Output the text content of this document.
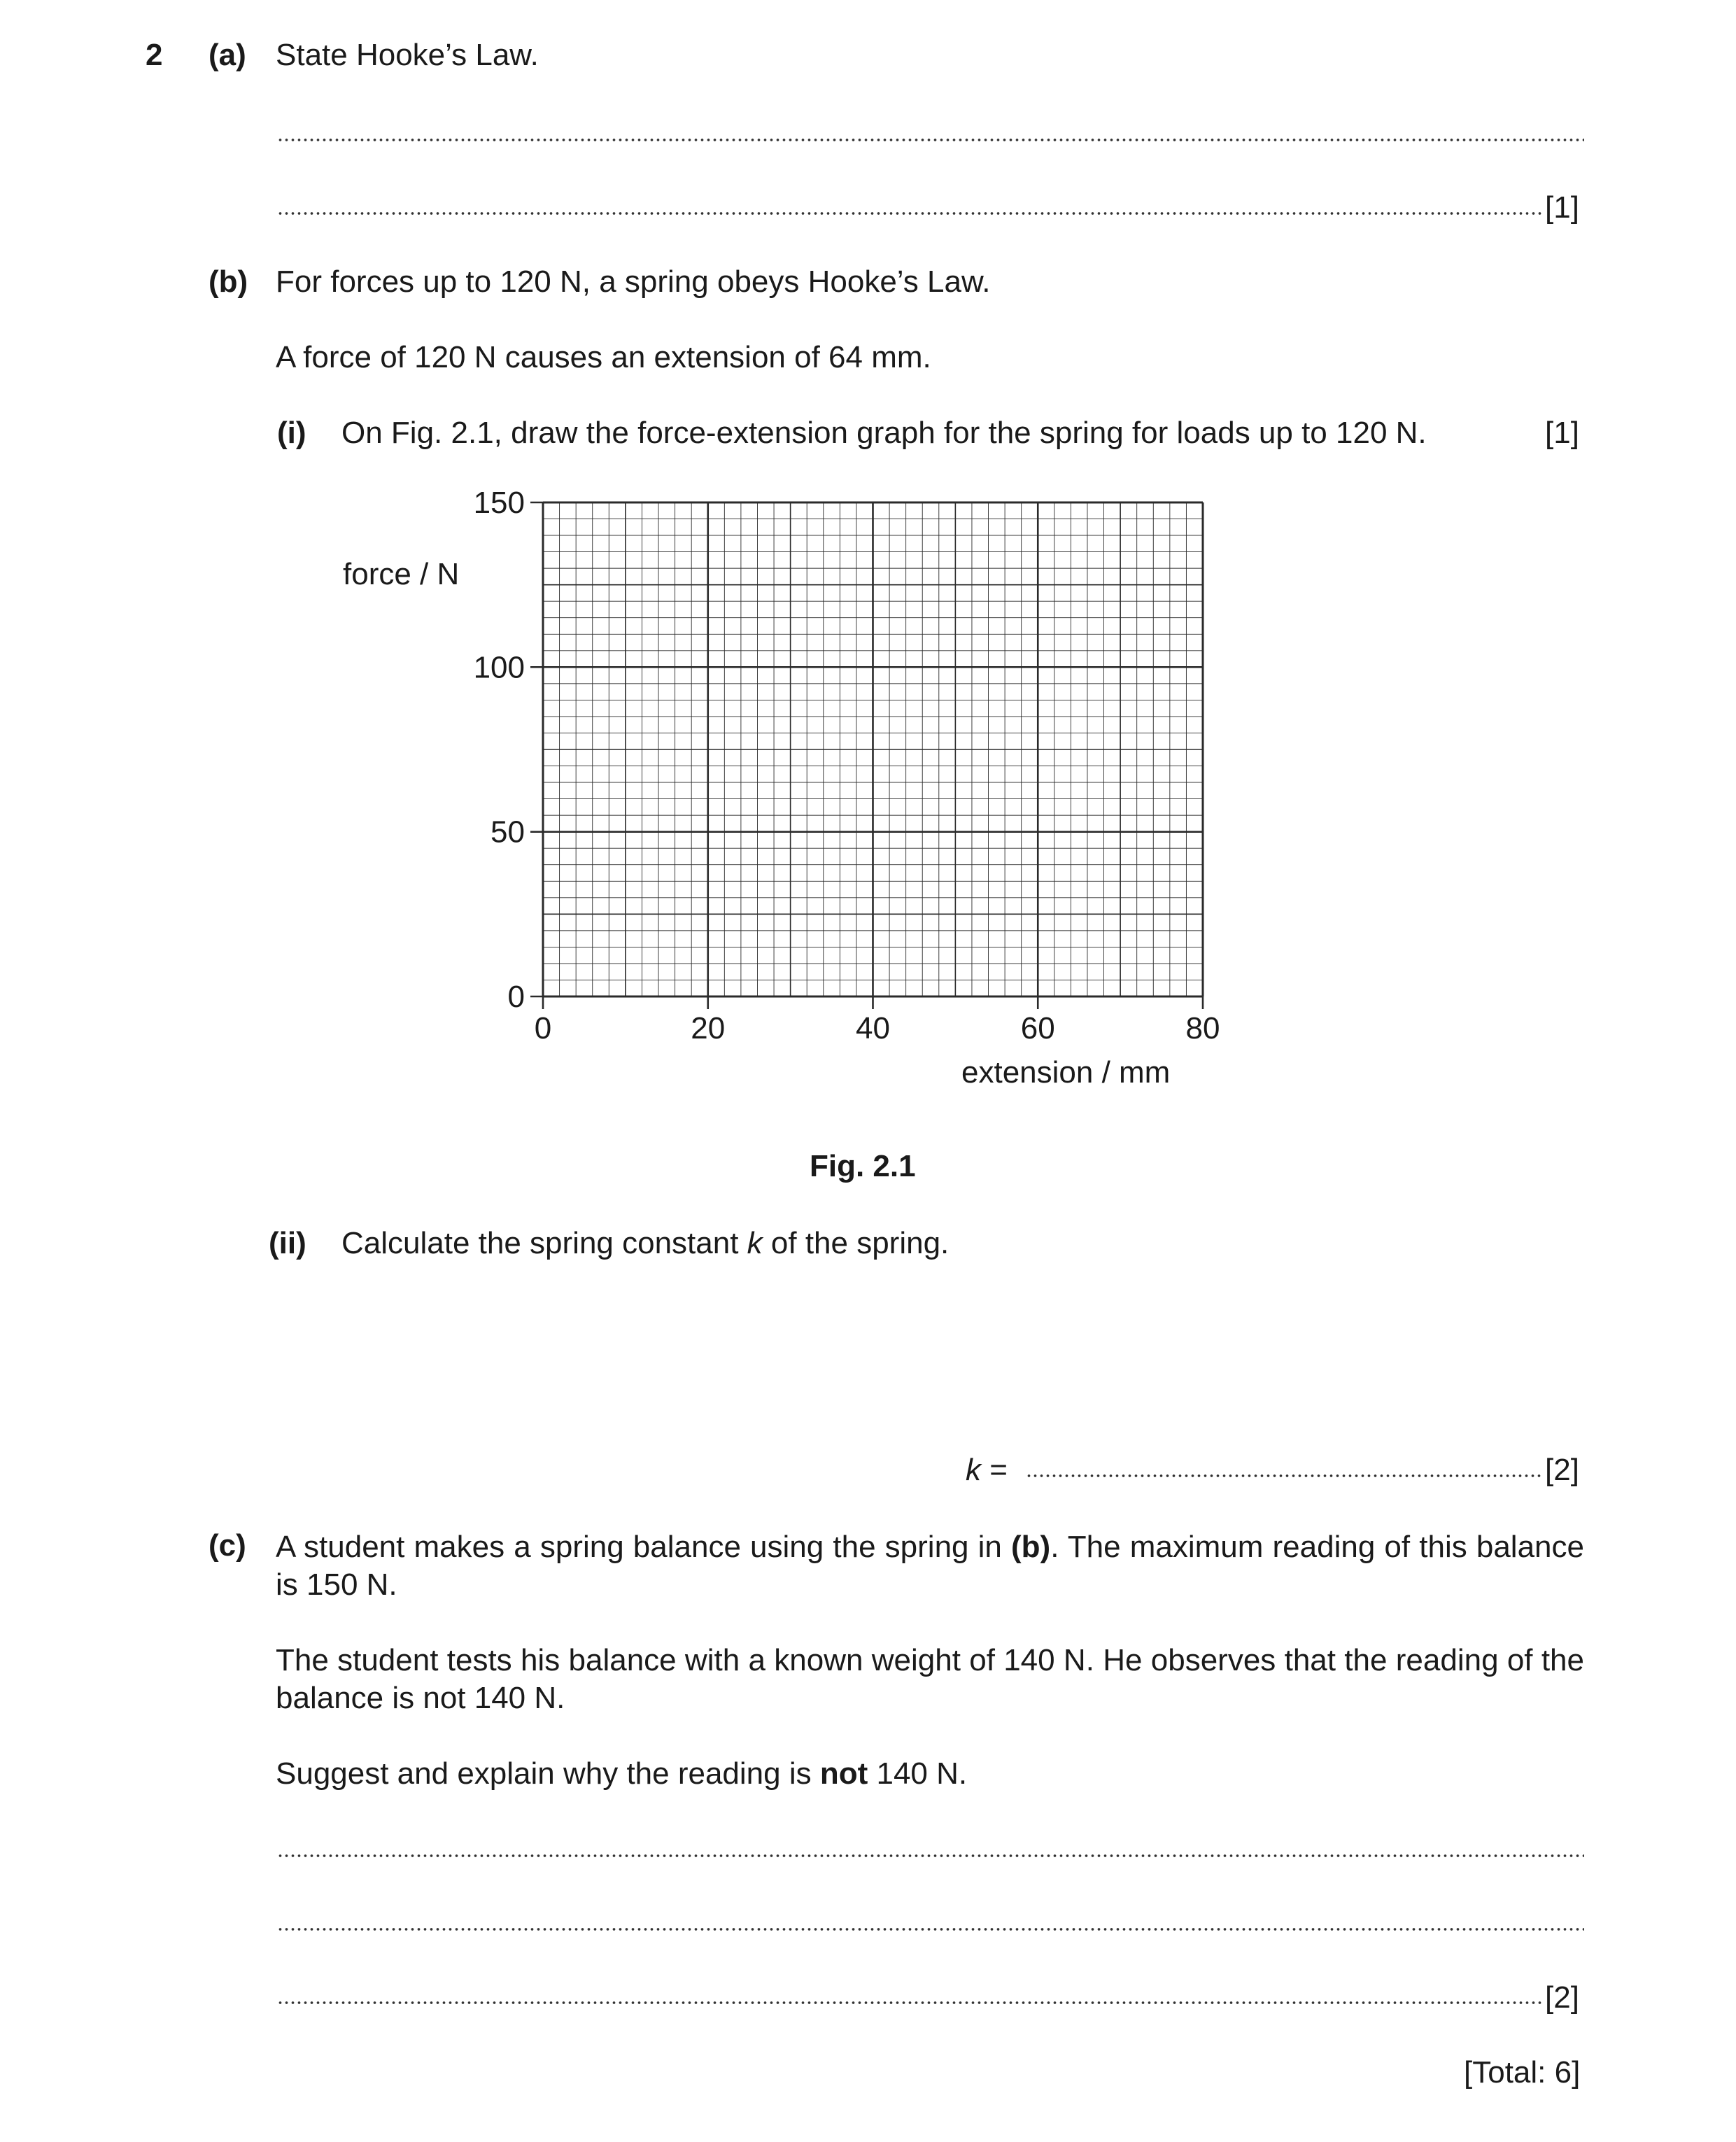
2 (a) State Hooke’s Law.
[1]
(b) For forces up to 120 N, a spring obeys Hooke’s Law.
A force of 120 N causes an extension of 64 mm.
(i) On Fig. 2.1, draw the force-extension graph for the spring for loads up to 120 N.	[1]
0
50
100
150
0	20	40	60	80
force / N
extension / mm
Fig. 2.1
(ii) Calculate the spring constant k of the spring.
k =	[2]
(c) A student makes a spring balance using the spring in (b). The maximum reading of this balance is 150 N.
The student tests his balance with a known weight of 140 N. He observes that the reading of the balance is not 140 N.
Suggest and explain why the reading is not 140 N.
[2]
[Total: 6]
